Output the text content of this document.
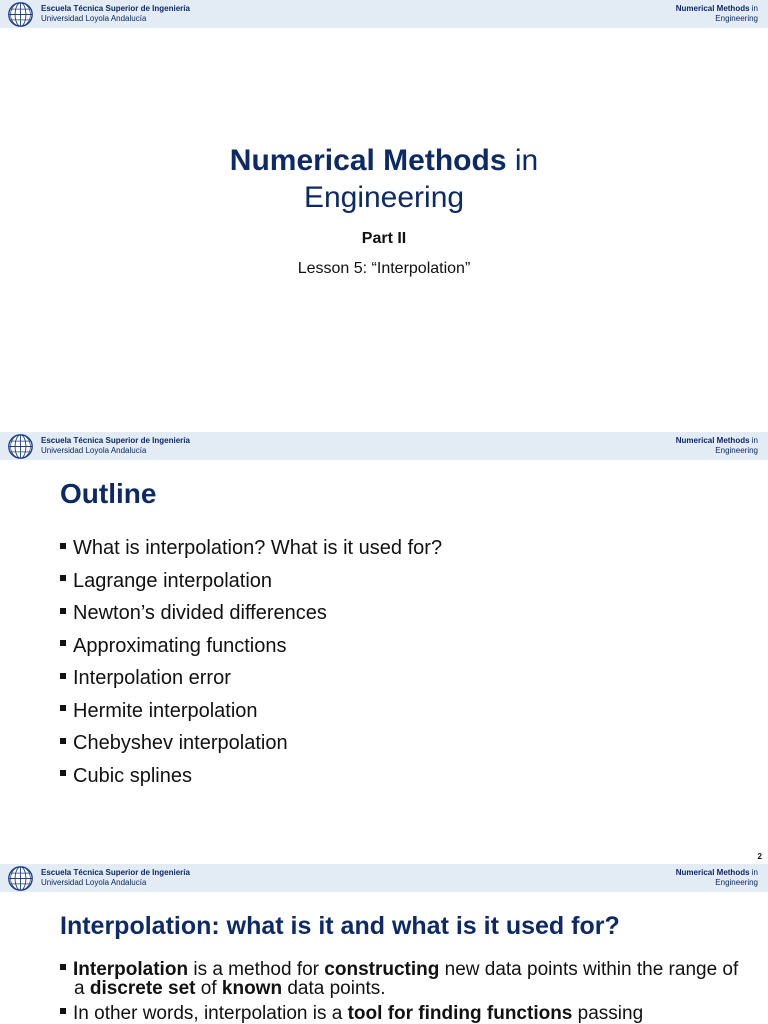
Escuela Técnica Superior de Ingeniería
Universidad Loyola Andalucía
Numerical Methods in
Engineering
Numerical Methods in
Engineering
Part II
Lesson 5: “Interpolation”
Escuela Técnica Superior de Ingeniería
Universidad Loyola Andalucía
Numerical Methods in
Engineering
Outline
What is interpolation? What is it used for?
Lagrange interpolation
Newton’s divided differences
Approximating functions
Interpolation error
Hermite interpolation
Chebyshev interpolation
Cubic splines
2
Escuela Técnica Superior de Ingeniería
Universidad Loyola Andalucía
Numerical Methods in
Engineering
Interpolation: what is it and what is it used for?

Interpolation is a method for constructing new data points within the range of a discrete set of known data points.

In other words, interpolation is a tool for finding functions passing
